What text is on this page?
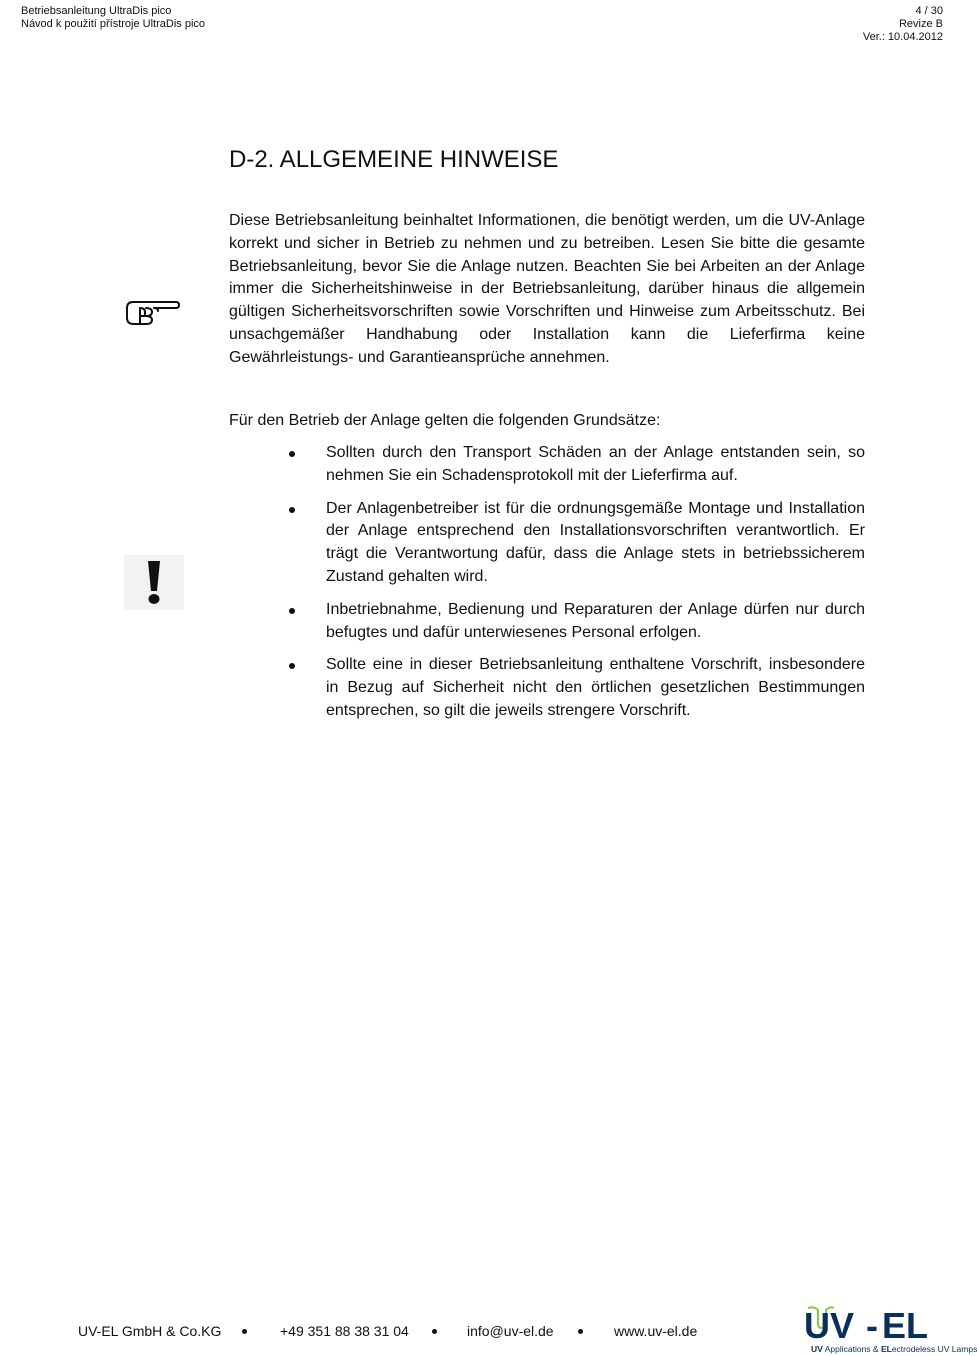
Betriebsanleitung UltraDis pico
Návod k použití přístroje UltraDis pico
4 / 30
Revize B
Ver.: 10.04.2012
D-2. ALLGEMEINE HINWEISE

Diese Betriebsanleitung beinhaltet Informationen, die benötigt werden, um die UV-Anlage korrekt und sicher in Betrieb zu nehmen und zu betreiben. Lesen Sie bitte die gesamte Betriebsanleitung, bevor Sie die Anlage nutzen. Beachten Sie bei Arbeiten an der Anlage immer die Sicherheitshinweise in der Betriebsanleitung, darüber hinaus die allgemein gültigen Sicherheitsvorschriften sowie Vorschriften und Hinweise zum Arbeitsschutz. Bei unsachgemäßer Handhabung oder Installation kann die Lieferfirma keine Gewährleistungs- und Garantieansprüche annehmen.

Für den Betrieb der Anlage gelten die folgenden Grundsätze:

Sollten durch den Transport Schäden an der Anlage entstanden sein, so nehmen Sie ein Schadensprotokoll mit der Lieferfirma auf.
Der Anlagenbetreiber ist für die ordnungsgemäße Montage und Installation der Anlage entsprechend den Installationsvorschriften verantwortlich. Er trägt die Verantwortung dafür, dass die Anlage stets in betriebssicherem Zustand gehalten wird.
Inbetriebnahme, Bedienung und Reparaturen der Anlage dürfen nur durch befugtes und dafür unterwiesenes Personal erfolgen.
Sollte eine in dieser Betriebsanleitung enthaltene Vorschrift, insbesondere in Bezug auf Sicherheit nicht den örtlichen gesetzlichen Bestimmungen entsprechen, so gilt die jeweils strengere Vorschrift.
UV-EL GmbH & Co.KG	+49 351 88 38 31 04	info@uv-el.de	www.uv-el.de	UV - EL
UV Applications & ELectrodeless UV Lamps
